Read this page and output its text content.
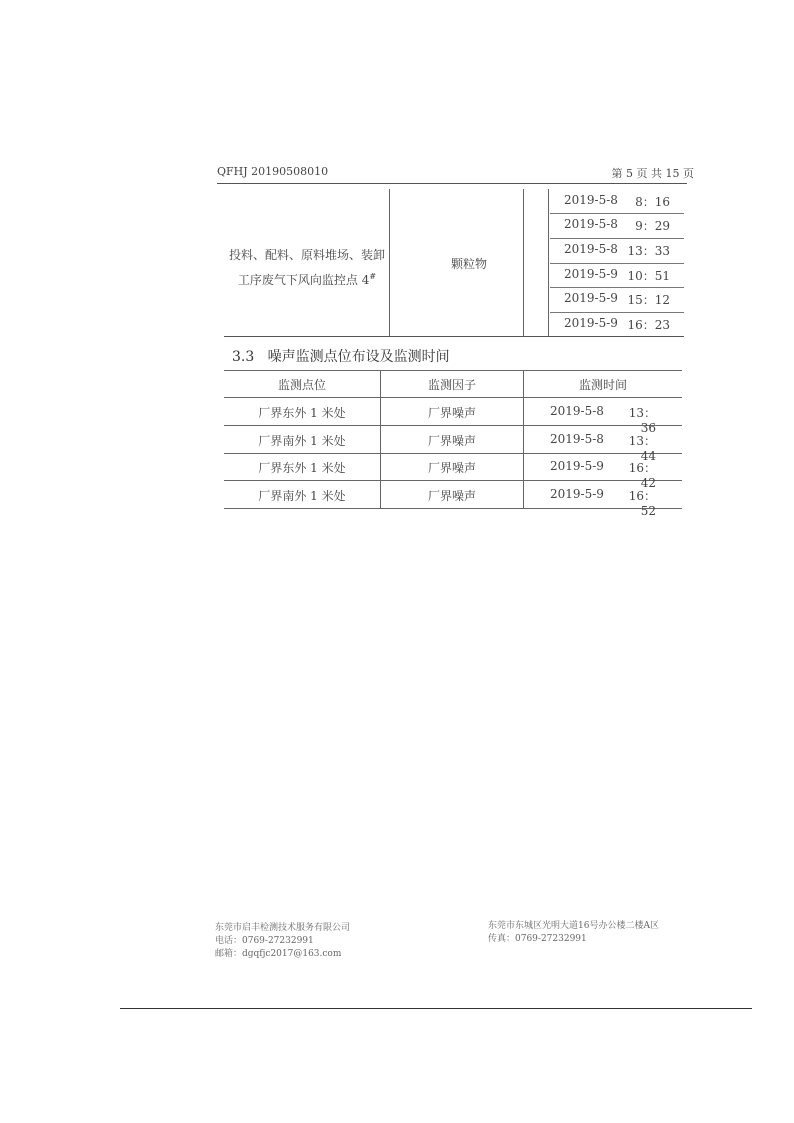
QFHJ 20190508010	第 5 页 共 15 页
投料、配料、原料堆场、装卸工序废气下风向监控点 4#
颗粒物
2019-5-8 8：16
2019-5-8 9：29
2019-5-8 13：33
2019-5-9 10：51
2019-5-9 15：12
2019-5-9 16：23
3.3 噪声监测点位布设及监测时间
监测点位	监测因子	监测时间
厂界东外 1 米处	厂界噪声	2019-5-8	13：36
厂界南外 1 米处	厂界噪声	2019-5-8	13：44
厂界东外 1 米处	厂界噪声	2019-5-9	16：42
厂界南外 1 米处	厂界噪声	2019-5-9	16：52
东莞市启丰检测技术服务有限公司
电话：0769-27232991
邮箱：dgqfjc2017@163.com
东莞市东城区光明大道16号办公楼二楼A区
传真：0769-27232991
